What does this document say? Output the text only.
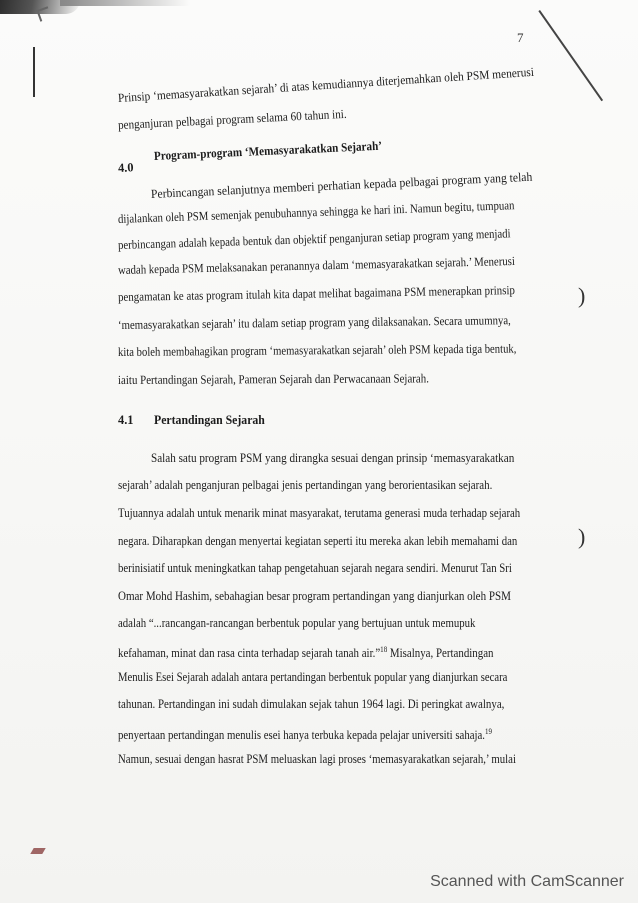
7
)
)
Prinsip ‘memasyarakatkan sejarah’ di atas kemudiannya diterjemahkan oleh PSM menerusi
penganjuran pelbagai program selama 60 tahun ini.
4.0
Program-program ‘Memasyarakatkan Sejarah’
Perbincangan selanjutnya memberi perhatian kepada pelbagai program yang telah
dijalankan oleh PSM semenjak penubuhannya sehingga ke hari ini. Namun begitu, tumpuan
perbincangan adalah kepada bentuk dan objektif penganjuran setiap program yang menjadi
wadah kepada PSM melaksanakan peranannya dalam ‘memasyarakatkan sejarah.’ Menerusi
pengamatan ke atas program itulah kita dapat melihat bagaimana PSM menerapkan prinsip
‘memasyarakatkan sejarah’ itu dalam setiap program yang dilaksanakan. Secara umumnya,
kita boleh membahagikan program ‘memasyarakatkan sejarah’ oleh PSM kepada tiga bentuk,
iaitu Pertandingan Sejarah, Pameran Sejarah dan Perwacanaan Sejarah.
4.1 Pertandingan Sejarah
Salah satu program PSM yang dirangka sesuai dengan prinsip ‘memasyarakatkan
sejarah’ adalah penganjuran pelbagai jenis pertandingan yang berorientasikan sejarah.
Tujuannya adalah untuk menarik minat masyarakat, terutama generasi muda terhadap sejarah
negara. Diharapkan dengan menyertai kegiatan seperti itu mereka akan lebih memahami dan
berinisiatif untuk meningkatkan tahap pengetahuan sejarah negara sendiri. Menurut Tan Sri
Omar Mohd Hashim, sebahagian besar program pertandingan yang dianjurkan oleh PSM
adalah “...rancangan-rancangan berbentuk popular yang bertujuan untuk memupuk
kefahaman, minat dan rasa cinta terhadap sejarah tanah air.”$^{18}$ Misalnya, Pertandingan
Menulis Esei Sejarah adalah antara pertandingan berbentuk popular yang dianjurkan secara
tahunan. Pertandingan ini sudah dimulakan sejak tahun 1964 lagi. Di peringkat awalnya,
penyertaan pertandingan menulis esei hanya terbuka kepada pelajar universiti sahaja.$^{19}$
Namun, sesuai dengan hasrat PSM meluaskan lagi proses ‘memasyarakatkan sejarah,’ mulai
Scanned with CamScanner
